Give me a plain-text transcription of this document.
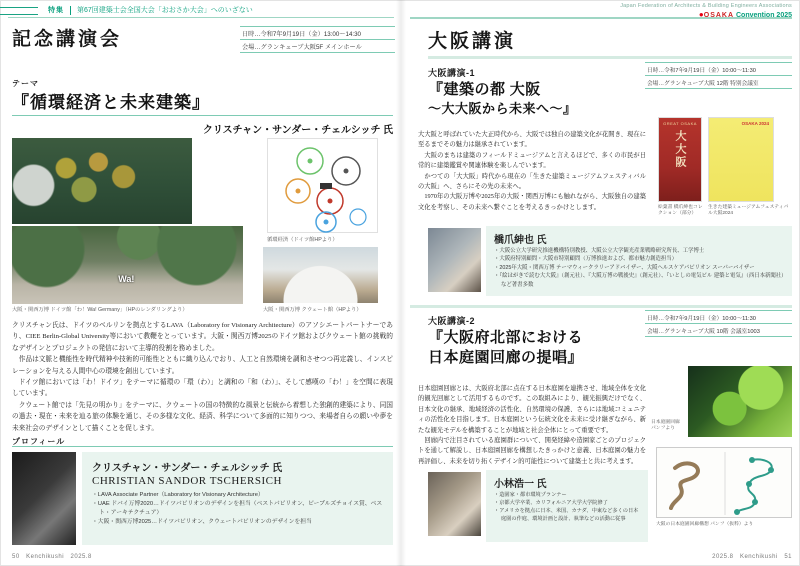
特集 第67回建築士会全国大会「おおさか大会」へのいざない
Japan Federation of Architects & Building Engineers Associations
●OSAKA Convention 2025
記念講演会	日時…令和7年9月19日（金）13:00〜14:30
会場…グランキューブ大阪5F メインホール
テーマ
『循環経済と未来建築』
クリスチャン・サンダー・チェルシッチ 氏
Wa!
循環経済（ドイツ館HPより）
大阪・関西万博 ドイツ館「わ！Wa! Germany」（HPのレンダリングより）	大阪・関西万博 クウェート館（HPより）

クリスチャン氏は、ドイツのベルリンを拠点とするLAVA（Laboratory for Visionary Architecture）のアソシエートパートナーであり、CIEE Berlin-Global University等において教鞭をとっています。大阪・関西万博2025のドイツ館およびクウェート館の挑戦的なデザインとプロジェクトの発信において主導的役割を務めました。

　作品は文脈と機能性を時代精神や技術的可能性とともに織り込んでおり、人工と自然環境を調和させつつ再定義し、インスピレーションを与える人間中心の環境を創出しています。

　ドイツ館においては「わ！ドイツ」をテーマに循環の「環（わ）」と調和の「和（わ）」、そして感嘆の「わ！」を空間に表現しています。

　クウェート館では「先見の明かり」をテーマに、クウェートの国の特徴的な風景と伝統から着想した独創的建築により、同国の過去・現在・未来を辿る旅の体験を通じ、その多様な文化、経済、科学について多面的に知りつつ、来場者自らの願いや夢を未来社会のデザインとして描くことを促します。

プロフィール

クリスチャン・サンダー・チェルシッチ 氏

CHRISTIAN SANDOR TSCHERSICH

・LAVA Associate Partner（Laboratory for Visionary Architecture）

・UAE ドバイ万博2020…ドイツパビリオンのデザインを担当（ベストパビリオン、ピープルズチョイス賞、ベスト・アーキテクチュア）

・大阪・関西万博2025…ドイツパビリオン、クウェートパビリオンのデザインを担当

50　Kenchikushi　2025.8
大阪講演
大阪講演-1	日時…令和7年9月19日（金）10:00〜11:30
会場…グランキューブ大阪 12階 特別会議室
『建築の都 大阪
〜大大阪から未来へ〜』

大大阪と呼ばれていた大正時代から、大阪では独自の建築文化が花開き、現在に至るまでその魅力は継承されています。

　大阪のまちは建築のフィールドミュージアムと言えるほどで、多くの市民が日常的に建築鑑賞や関連体験を楽しんでいます。

　かつての「大大阪」時代から現在の「生きた建築ミュージアムフェスティバルの大阪」へ、さらにその先の未来へ。

　1970年の大阪万博や2025年の大阪・関西万博にも触れながら、大阪独自の建築文化を考察し、その未来へ繋ぐことを考えるきっかけとします。

GREAT OSAKA
大大阪
OSAKA 2024
絵葉書 橋爪紳也コレクション（部分）
生きた建築ミュージアムフェスティバル大阪2024

橋爪紳也 氏

・大阪公立大学研究推進機構特別教授、大阪公立大学観光産業戦略研究所長、工学博士

・大阪府特別顧問・大阪市特別顧問（万博推進および、都市魅力創造担当）

・2025年大阪・関西万博 テーマウィークラリーアドバイザー、大阪ヘルスケアパビリオン スーパーバイザー

・『絵はがきで読む大大阪』（創元社）、『大阪万博の戦後史』（創元社）、『いとしの電気ビル 建築と電気』（西日本新聞社）など著書多数

大阪講演-2	日時…令和7年9月19日（金）10:00〜11:30
会場…グランキューブ大阪 10階 会議室1003
『大阪府北部における
日本庭園回廊の提唱』

日本庭園回廊とは、大阪府北部に点在する日本庭園を連携させ、地域全体を文化的観光回廊として活用するものです。この取組みにより、観光振興だけでなく、日本文化の継承、地域経済の活性化、自然環境の保護、さらには地域コミュニティの活性化を目指します。日本庭園という伝統文化を未来に受け継ぎながら、新たな観光モデルを構築することが地域と社会全体にとって重要です。

　回廊内で注目されている庭園群について、開発経緯や造園家ごとのプロジェクトを通して解説し、日本庭園回廊を構想したきっかけと意義、日本庭園の魅力を再評価し、未来を切り拓くデザイン的可能性について建築士と共に考えます。

日本庭園回廊
パンフより
大阪の日本庭園回廊構想 パンフ（抜粋）より

小林浩一 氏

・造園家・都市環境プランナー

・京都大学卒業、カリフォルニア大学大学院修了

・アメリカを拠点に日本、米国、カナダ、中東など多くの日本庭園の作庭、環境計画と設計、執筆などの活動に従事

2025.8　Kenchikushi　51
